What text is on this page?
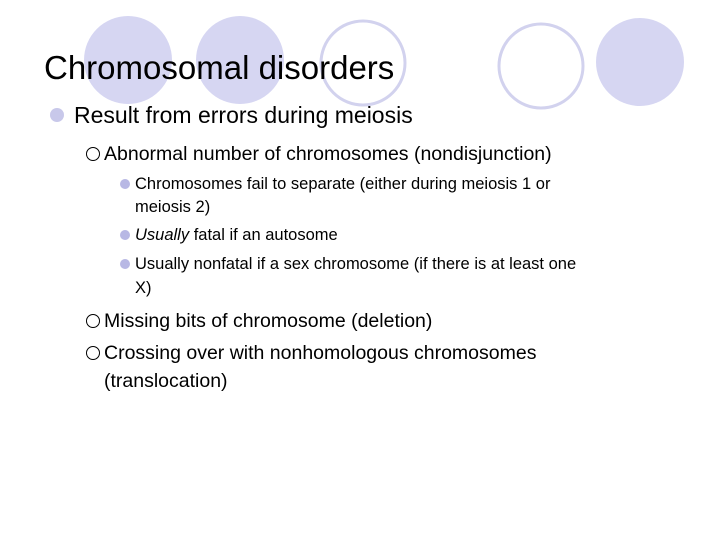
Chromosomal disorders
Result from errors during meiosis
Abnormal number of chromosomes (nondisjunction)
Chromosomes fail to separate (either during meiosis 1 or
meiosis 2)
Usually fatal if an autosome
Usually nonfatal if a sex chromosome (if there is at least one
X)
Missing bits of chromosome (deletion)
Crossing over with nonhomologous chromosomes
(translocation)
